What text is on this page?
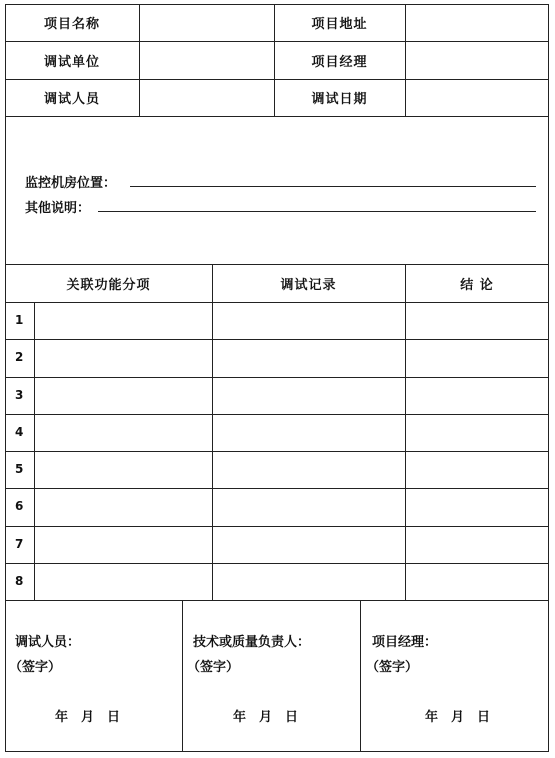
项目名称	项目地址
调试单位	项目经理
调试人员	调试日期
监控机房位置：
其他说明：
关联功能分项	调试记录	结 论
1
2
3
4
5
6
7
8
调试人员：
（签字）
年　月　日
技术或质量负责人：
（签字）
年　月　日
项目经理：
（签字）
年　月　日
